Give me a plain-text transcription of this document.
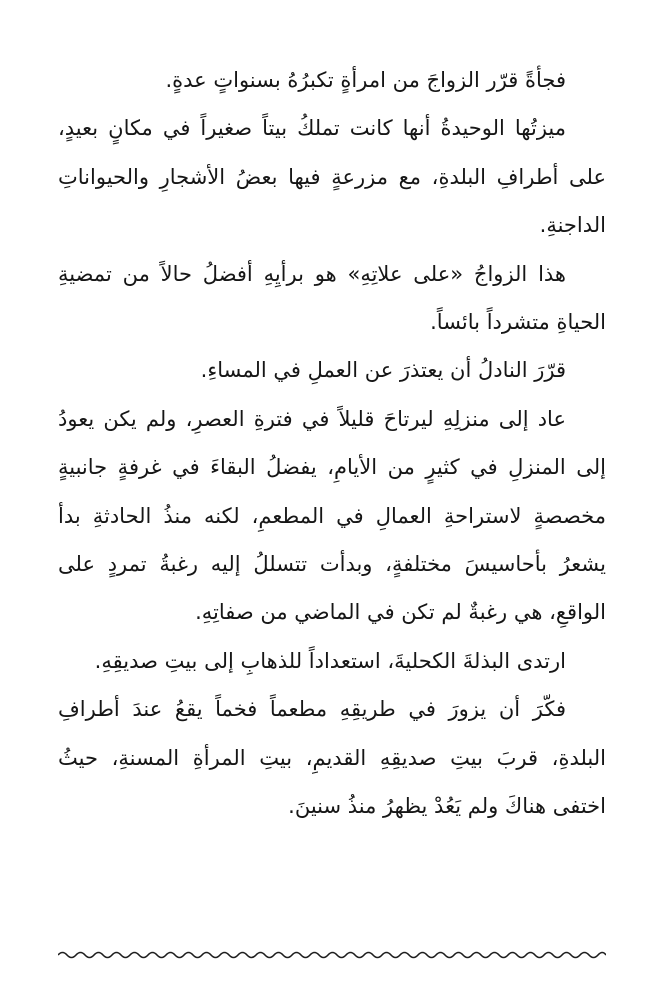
فجأةً قرّر الزواجَ من امرأةٍ تكبرُهُ بسنواتٍ عدةٍ.

ميزتُها الوحيدةُ أنها كانت تملكُ بيتاً صغيراً في مكانٍ بعيدٍ، على أطرافِ البلدةِ، مع مزرعةٍ فيها بعضُ الأشجارِ والحيواناتِ الداجنةِ.

هذا الزواجُ «على علاتِهِ» هو برأيِهِ أفضلُ حالاً من تمضيةِ الحياةِ متشرداً بائساً.

قرّرَ النادلُ أن يعتذرَ عن العملِ في المساءِ.

عاد إلى منزلِهِ ليرتاحَ قليلاً في فترةِ العصرِ، ولم يكن يعودُ إلى المنزلِ في كثيرٍ من الأيامِ، يفضلُ البقاءَ في غرفةٍ جانبيةٍ مخصصةٍ لاستراحةِ العمالِ في المطعمِ، لكنه منذُ الحادثةِ بدأ يشعرُ بأحاسيسَ مختلفةٍ، وبدأت تتسللُ إليه رغبةُ تمردٍ على الواقعِ، هي رغبةٌ لم تكن في الماضي من صفاتِهِ.

ارتدى البذلةَ الكحليةَ، استعداداً للذهابِ إلى بيتِ صديقِهِ.

فكّرَ أن يزورَ في طريقِهِ مطعماً فخماً يقعُ عندَ أطرافِ البلدةِ، قربَ بيتِ صديقِهِ القديمِ، بيتِ المرأةِ المسنةِ، حيثُ اختفى هناكَ ولم يَعُدْ يظهرُ منذُ سنينَ.
